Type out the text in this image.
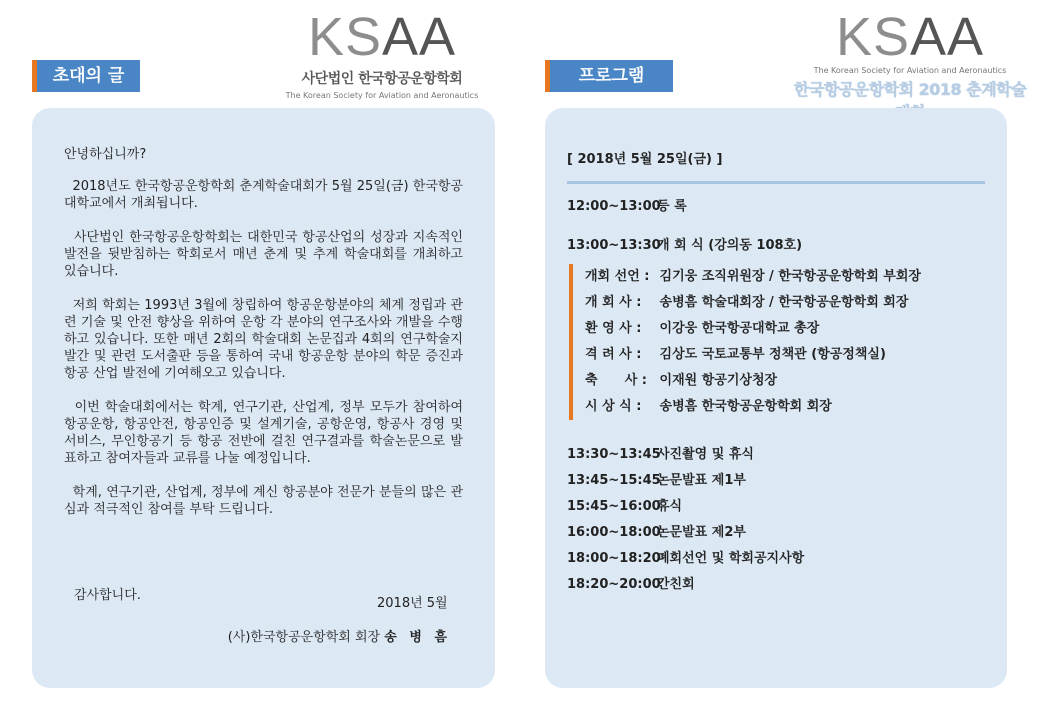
KSAA
사단법인 한국항공운항학회
The Korean Society for Aviation and Aeronautics
KSAA
The Korean Society for Aviation and Aeronautics
한국항공운항학회 2018 춘계학술
초대의 글	프로그램

안녕하십니까?

2018년도 한국항공운항학회 춘계학술대회가 5월 25일(금) 한국항공대학교에서 개최됩니다.

사단법인 한국항공운항학회는 대한민국 항공산업의 성장과 지속적인 발전을 뒷받침하는 학회로서 매년 춘계 및 추계 학술대회를 개최하고 있습니다.

저희 학회는 1993년 3월에 창립하여 항공운항분야의 체계 정립과 관련 기술 및 안전 향상을 위하여 운항 각 분야의 연구조사와 개발을 수행하고 있습니다. 또한 매년 2회의 학술대회 논문집과 4회의 연구학술지 발간 및 관련 도서출판 등을 통하여 국내 항공운항 분야의 학문 증진과 항공 산업 발전에 기여해오고 있습니다.

이번 학술대회에서는 학계, 연구기관, 산업계, 정부 모두가 참여하여 항공운항, 항공안전, 항공인증 및 설계기술, 공항운영, 항공사 경영 및 서비스, 무인항공기 등 항공 전반에 걸친 연구결과를 학술논문으로 발표하고 참여자들과 교류를 나눌 예정입니다.

학계, 연구기관, 산업계, 정부에 계신 항공분야 전문가 분들의 많은 관심과 적극적인 참여를 부탁 드립니다.

감사합니다.
2018년 5월
(사)한국항공운항학회 회장 송 병 흠
[ 2018년 5월 25일(금) ]
12:00~13:00등 록
13:00~13:30개 회 식 (강의동 108호)
개회 선언 : 김기웅 조직위원장 / 한국항공운항학회 부회장
개 회 사 : 송병흠 학술대회장 / 한국항공운항학회 회장
환 영 사 : 이강웅 한국항공대학교 총장
격 려 사 : 김상도 국토교통부 정책관 (항공정책실)
축      사 : 이재원 항공기상청장
시 상 식 : 송병흠 한국항공운항학회 회장
13:30~13:45사진촬영 및 휴식
13:45~15:45논문발표 제1부
15:45~16:00휴식
16:00~18:00논문발표 제2부
18:00~18:20폐회선언 및 학회공지사항
18:20~20:00간친회
